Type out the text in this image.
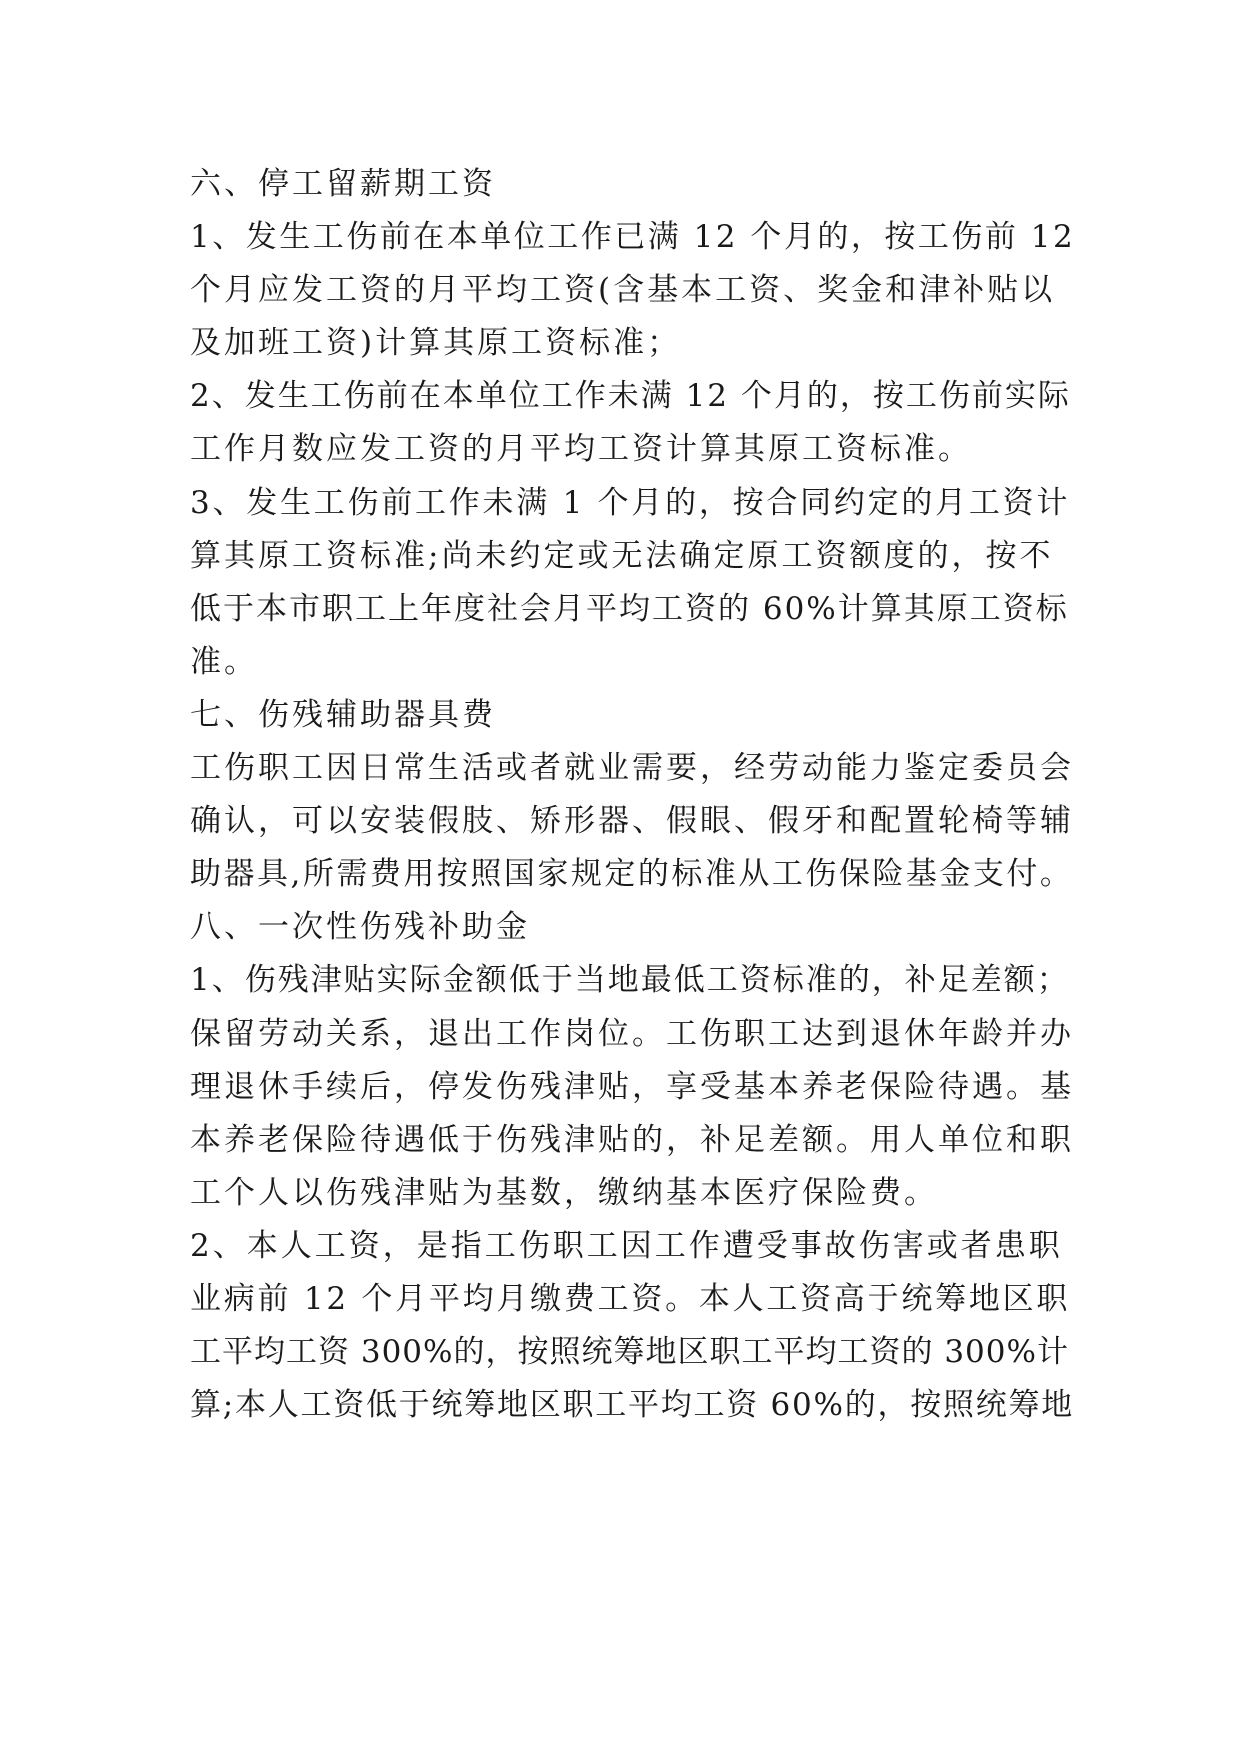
六、停工留薪期工资

1、发生工伤前在本单位工作已满 12 个月的，按工伤前 12

个月应发工资的月平均工资(含基本工资、奖金和津补贴以

及加班工资)计算其原工资标准；

2、发生工伤前在本单位工作未满 12 个月的，按工伤前实际

工作月数应发工资的月平均工资计算其原工资标准。

3、发生工伤前工作未满 1 个月的，按合同约定的月工资计

算其原工资标准;尚未约定或无法确定原工资额度的，按不

低于本市职工上年度社会月平均工资的 60%计算其原工资标

准。

七、伤残辅助器具费

工伤职工因日常生活或者就业需要，经劳动能力鉴定委员会

确认，可以安装假肢、矫形器、假眼、假牙和配置轮椅等辅

助器具,所需费用按照国家规定的标准从工伤保险基金支付。

八、一次性伤残补助金

1、伤残津贴实际金额低于当地最低工资标准的，补足差额；

保留劳动关系，退出工作岗位。工伤职工达到退休年龄并办

理退休手续后，停发伤残津贴，享受基本养老保险待遇。基

本养老保险待遇低于伤残津贴的，补足差额。用人单位和职

工个人以伤残津贴为基数，缴纳基本医疗保险费。

2、本人工资，是指工伤职工因工作遭受事故伤害或者患职

业病前 12 个月平均月缴费工资。本人工资高于统筹地区职

工平均工资 300%的，按照统筹地区职工平均工资的 300%计

算;本人工资低于统筹地区职工平均工资 60%的，按照统筹地
